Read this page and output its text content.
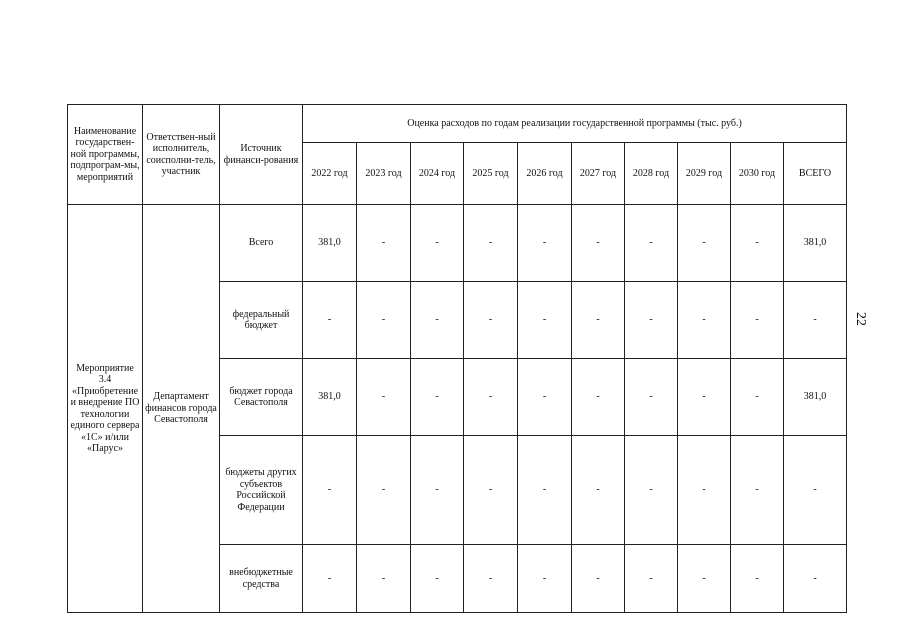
Наименование государствен-ной программы, подпрограм-мы, мероприятий	Ответствен-ный исполнитель, соисполни-тель, участник	Источник финанси-рования	Оценка расходов по годам реализации государственной программы (тыс. руб.)									
			2022 год	2023 год	2024 год	2025 год	2026 год	2027 год	2028 год	2029 год	2030 год	ВСЕГО
Мероприятие 3.4 «Приобретение и внедрение ПО технологии единого сервера «1С» и/или «Парус»	Департамент финансов города Севастополя	Всего	381,0	-	-	-	-	-	-	-	-	381,0
		федеральный бюджет	-	-	-	-	-	-	-	-	-	-
		бюджет города Севастополя	381,0	-	-	-	-	-	-	-	-	381,0
		бюджеты других субъектов Российской Федерации	-	-	-	-	-	-	-	-	-	-
		внебюджетные средства	-	-	-	-	-	-	-	-	-	-
22
